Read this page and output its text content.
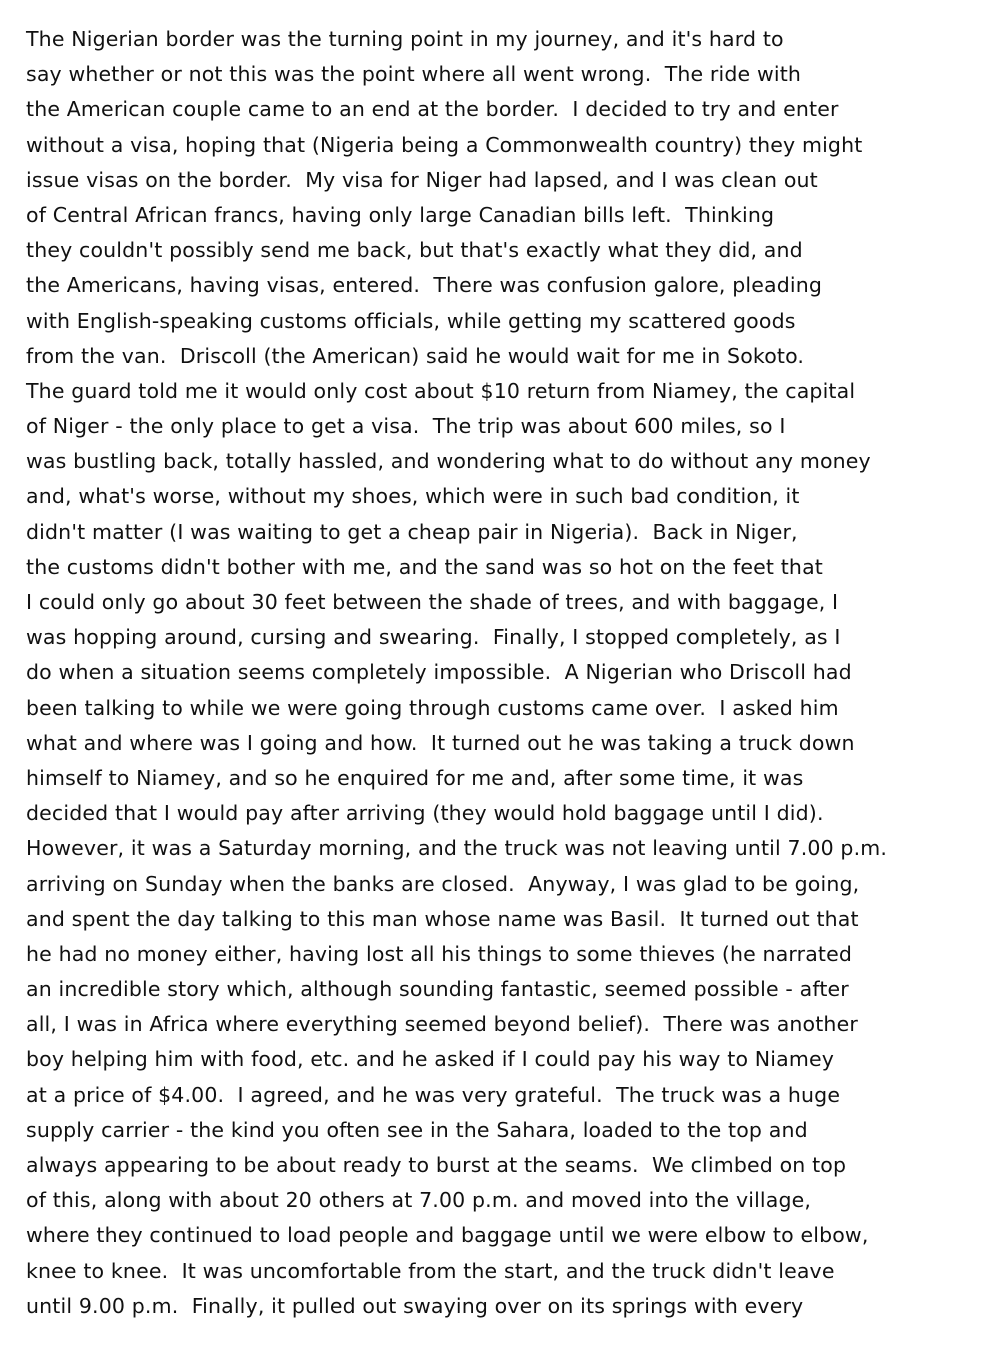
The Nigerian border was the turning point in my journey, and it's hard to
say whether or not this was the point where all went wrong.  The ride with
the American couple came to an end at the border.  I decided to try and enter
without a visa, hoping that (Nigeria being a Commonwealth country) they might
issue visas on the border.  My visa for Niger had lapsed, and I was clean out
of Central African francs, having only large Canadian bills left.  Thinking
they couldn't possibly send me back, but that's exactly what they did, and
the Americans, having visas, entered.  There was confusion galore, pleading
with English-speaking customs officials, while getting my scattered goods
from the van.  Driscoll (the American) said he would wait for me in Sokoto.
The guard told me it would only cost about $10 return from Niamey, the capital
of Niger - the only place to get a visa.  The trip was about 600 miles, so I
was bustling back, totally hassled, and wondering what to do without any money
and, what's worse, without my shoes, which were in such bad condition, it
didn't matter (I was waiting to get a cheap pair in Nigeria).  Back in Niger,
the customs didn't bother with me, and the sand was so hot on the feet that
I could only go about 30 feet between the shade of trees, and with baggage, I
was hopping around, cursing and swearing.  Finally, I stopped completely, as I
do when a situation seems completely impossible.  A Nigerian who Driscoll had
been talking to while we were going through customs came over.  I asked him
what and where was I going and how.  It turned out he was taking a truck down
himself to Niamey, and so he enquired for me and, after some time, it was
decided that I would pay after arriving (they would hold baggage until I did).
However, it was a Saturday morning, and the truck was not leaving until 7.00 p.m.
arriving on Sunday when the banks are closed.  Anyway, I was glad to be going,
and spent the day talking to this man whose name was Basil.  It turned out that
he had no money either, having lost all his things to some thieves (he narrated
an incredible story which, although sounding fantastic, seemed possible - after
all, I was in Africa where everything seemed beyond belief).  There was another
boy helping him with food, etc. and he asked if I could pay his way to Niamey
at a price of $4.00.  I agreed, and he was very grateful.  The truck was a huge
supply carrier - the kind you often see in the Sahara, loaded to the top and
always appearing to be about ready to burst at the seams.  We climbed on top
of this, along with about 20 others at 7.00 p.m. and moved into the village,
where they continued to load people and baggage until we were elbow to elbow,
knee to knee.  It was uncomfortable from the start, and the truck didn't leave
until 9.00 p.m.  Finally, it pulled out swaying over on its springs with every
